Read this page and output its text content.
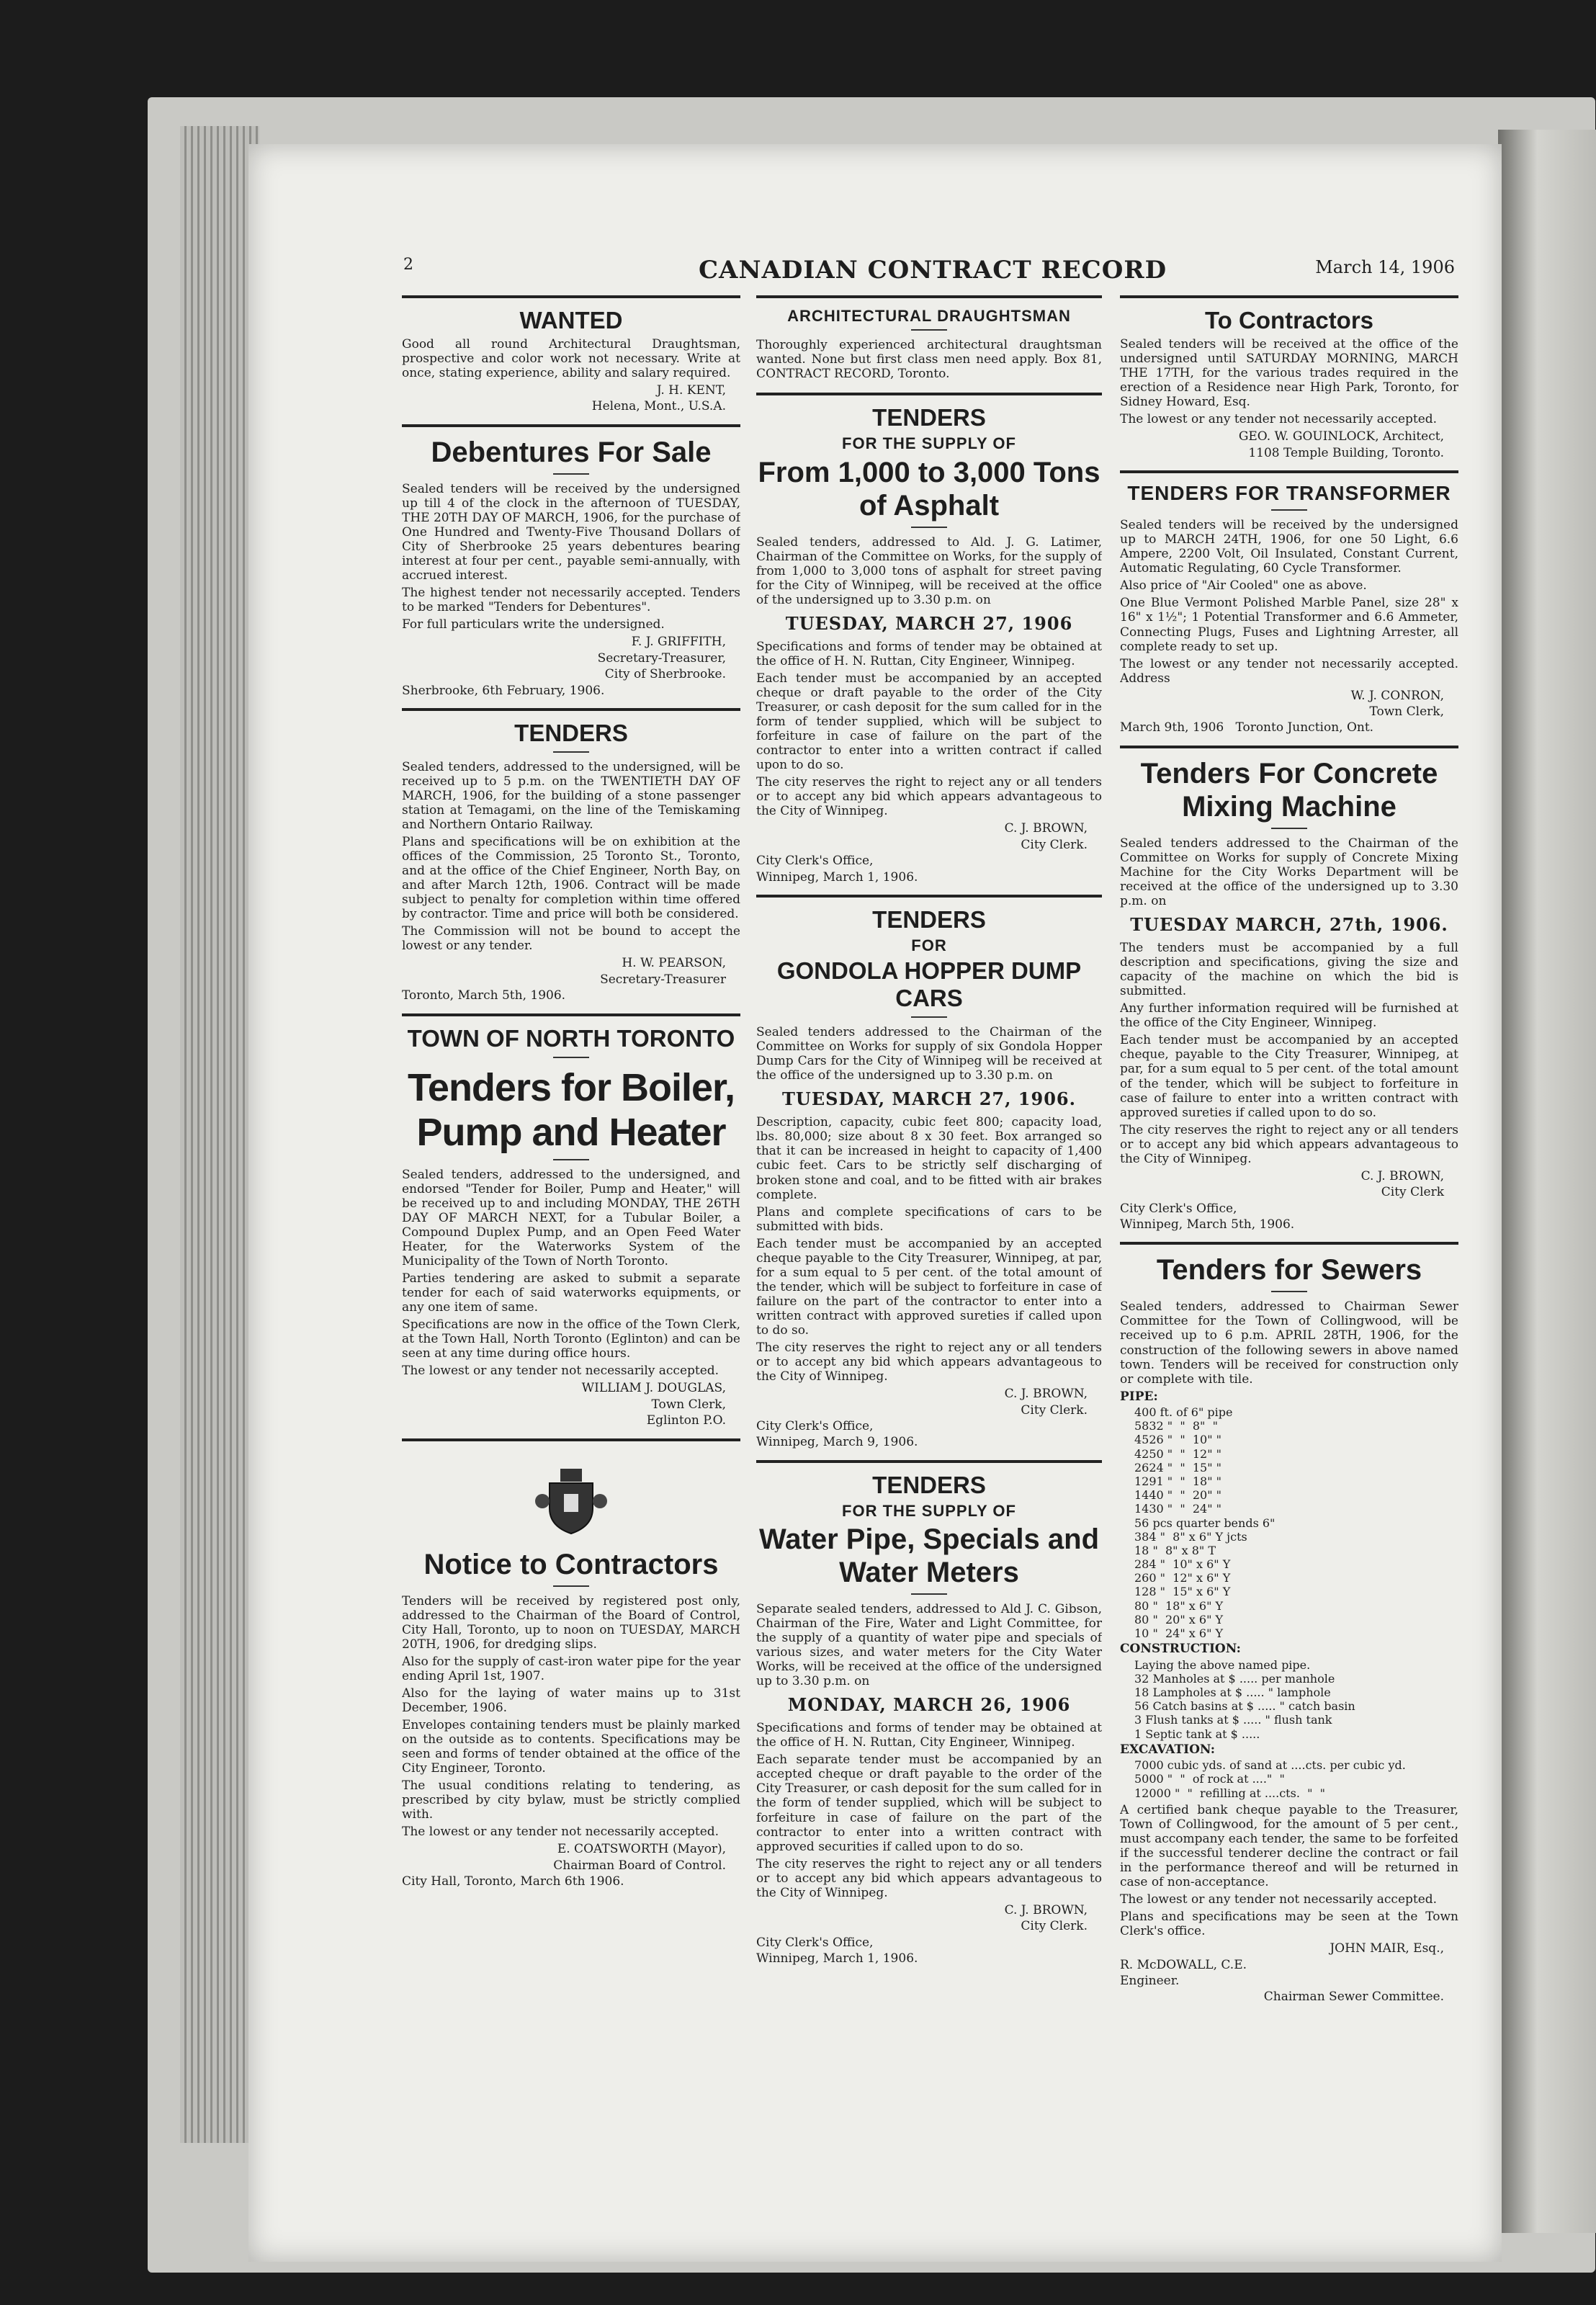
2	CANADIAN CONTRACT RECORD	March 14, 1906
WANTED

Good all round Architectural Draughtsman, prospective and color work not necessary. Write at once, stating experience, ability and salary required.

J. H. KENT,

Helena, Mont., U.S.A.

Debentures For Sale

Sealed tenders will be received by the undersigned up till 4 of the clock in the afternoon of TUESDAY, THE 20TH DAY OF MARCH, 1906, for the purchase of One Hundred and Twenty-Five Thousand Dollars of City of Sherbrooke 25 years debentures bearing interest at four per cent., payable semi-annually, with accrued interest.

The highest tender not necessarily accepted. Tenders to be marked "Tenders for Debentures".

For full particulars write the undersigned.

F. J. GRIFFITH,

Secretary-Treasurer,

City of Sherbrooke.

Sherbrooke, 6th February, 1906.

TENDERS

Sealed tenders, addressed to the undersigned, will be received up to 5 p.m. on the TWENTIETH DAY OF MARCH, 1906, for the building of a stone passenger station at Temagami, on the line of the Temiskaming and Northern Ontario Railway.

Plans and specifications will be on exhibition at the offices of the Commission, 25 Toronto St., Toronto, and at the office of the Chief Engineer, North Bay, on and after March 12th, 1906. Contract will be made subject to penalty for completion within time offered by contractor. Time and price will both be considered.

The Commission will not be bound to accept the lowest or any tender.

H. W. PEARSON,

Secretary-Treasurer

Toronto, March 5th, 1906.

TOWN OF NORTH TORONTO
Tenders for Boiler, Pump and Heater

Sealed tenders, addressed to the undersigned, and endorsed "Tender for Boiler, Pump and Heater," will be received up to and including MONDAY, THE 26TH DAY OF MARCH NEXT, for a Tubular Boiler, a Compound Duplex Pump, and an Open Feed Water Heater, for the Waterworks System of the Municipality of the Town of North Toronto.

Parties tendering are asked to submit a separate tender for each of said waterworks equipments, or any one item of same.

Specifications are now in the office of the Town Clerk, at the Town Hall, North Toronto (Eglinton) and can be seen at any time during office hours.

The lowest or any tender not necessarily accepted.

WILLIAM J. DOUGLAS,

Town Clerk,

Eglinton P.O.

Notice to Contractors

Tenders will be received by registered post only, addressed to the Chairman of the Board of Control, City Hall, Toronto, up to noon on TUESDAY, MARCH 20TH, 1906, for dredging slips.

Also for the supply of cast-iron water pipe for the year ending April 1st, 1907.

Also for the laying of water mains up to 31st December, 1906.

Envelopes containing tenders must be plainly marked on the outside as to contents. Specifications may be seen and forms of tender obtained at the office of the City Engineer, Toronto.

The usual conditions relating to tendering, as prescribed by city bylaw, must be strictly complied with.

The lowest or any tender not necessarily accepted.

E. COATSWORTH (Mayor),

Chairman Board of Control.

City Hall, Toronto, March 6th 1906.

ARCHITECTURAL DRAUGHTSMAN

Thoroughly experienced architectural draughtsman wanted. None but first class men need apply. Box 81, CONTRACT RECORD, Toronto.

TENDERS
FOR THE SUPPLY OF
From 1,000 to 3,000 Tons of Asphalt

Sealed tenders, addressed to Ald. J. G. Latimer, Chairman of the Committee on Works, for the supply of from 1,000 to 3,000 tons of asphalt for street paving for the City of Winnipeg, will be received at the office of the undersigned up to 3.30 p.m. on

TUESDAY, MARCH 27, 1906

Specifications and forms of tender may be obtained at the office of H. N. Ruttan, City Engineer, Winnipeg.

Each tender must be accompanied by an accepted cheque or draft payable to the order of the City Treasurer, or cash deposit for the sum called for in the form of tender supplied, which will be subject to forfeiture in case of failure on the part of the contractor to enter into a written contract if called upon to do so.

The city reserves the right to reject any or all tenders or to accept any bid which appears advantageous to the City of Winnipeg.

C. J. BROWN,

City Clerk.

City Clerk's Office,

Winnipeg, March 1, 1906.

TENDERS
FOR
GONDOLA HOPPER DUMP CARS

Sealed tenders addressed to the Chairman of the Committee on Works for supply of six Gondola Hopper Dump Cars for the City of Winnipeg will be received at the office of the undersigned up to 3.30 p.m. on

TUESDAY, MARCH 27, 1906.

Description, capacity, cubic feet 800; capacity load, lbs. 80,000; size about 8 x 30 feet. Box arranged so that it can be increased in height to capacity of 1,400 cubic feet. Cars to be strictly self discharging of broken stone and coal, and to be fitted with air brakes complete.

Plans and complete specifications of cars to be submitted with bids.

Each tender must be accompanied by an accepted cheque payable to the City Treasurer, Winnipeg, at par, for a sum equal to 5 per cent. of the total amount of the tender, which will be subject to forfeiture in case of failure on the part of the contractor to enter into a written contract with approved sureties if called upon to do so.

The city reserves the right to reject any or all tenders or to accept any bid which appears advantageous to the City of Winnipeg.

C. J. BROWN,

City Clerk.

City Clerk's Office,

Winnipeg, March 9, 1906.

TENDERS
FOR THE SUPPLY OF
Water Pipe, Specials and Water Meters

Separate sealed tenders, addressed to Ald J. C. Gibson, Chairman of the Fire, Water and Light Committee, for the supply of a quantity of water pipe and specials of various sizes, and water meters for the City Water Works, will be received at the office of the undersigned up to 3.30 p.m. on

MONDAY, MARCH 26, 1906

Specifications and forms of tender may be obtained at the office of H. N. Ruttan, City Engineer, Winnipeg.

Each separate tender must be accompanied by an accepted cheque or draft payable to the order of the City Treasurer, or cash deposit for the sum called for in the form of tender supplied, which will be subject to forfeiture in case of failure on the part of the contractor to enter into a written contract with approved securities if called upon to do so.

The city reserves the right to reject any or all tenders or to accept any bid which appears advantageous to the City of Winnipeg.

C. J. BROWN,

City Clerk.

City Clerk's Office,

Winnipeg, March 1, 1906.

To Contractors

Sealed tenders will be received at the office of the undersigned until SATURDAY MORNING, MARCH THE 17TH, for the various trades required in the erection of a Residence near High Park, Toronto, for Sidney Howard, Esq.

The lowest or any tender not necessarily accepted.

GEO. W. GOUINLOCK, Architect,

1108 Temple Building, Toronto.

TENDERS FOR TRANSFORMER

Sealed tenders will be received by the undersigned up to MARCH 24TH, 1906, for one 50 Light, 6.6 Ampere, 2200 Volt, Oil Insulated, Constant Current, Automatic Regulating, 60 Cycle Transformer.

Also price of "Air Cooled" one as above.

One Blue Vermont Polished Marble Panel, size 28" x 16" x 1½"; 1 Potential Transformer and 6.6 Ammeter, Connecting Plugs, Fuses and Lightning Arrester, all complete ready to set up.

The lowest or any tender not necessarily accepted. Address

W. J. CONRON,

Town Clerk,

March 9th, 1906 Toronto Junction, Ont.

Tenders For Concrete Mixing Machine

Sealed tenders addressed to the Chairman of the Committee on Works for supply of Concrete Mixing Machine for the City Works Department will be received at the office of the undersigned up to 3.30 p.m. on

TUESDAY MARCH, 27th, 1906.

The tenders must be accompanied by a full description and specifications, giving the size and capacity of the machine on which the bid is submitted.

Any further information required will be furnished at the office of the City Engineer, Winnipeg.

Each tender must be accompanied by an accepted cheque, payable to the City Treasurer, Winnipeg, at par, for a sum equal to 5 per cent. of the total amount of the tender, which will be subject to forfeiture in case of failure to enter into a written contract with approved sureties if called upon to do so.

The city reserves the right to reject any or all tenders or to accept any bid which appears advantageous to the City of Winnipeg.

C. J. BROWN,

City Clerk

City Clerk's Office,

Winnipeg, March 5th, 1906.

Tenders for Sewers

Sealed tenders, addressed to Chairman Sewer Committee for the Town of Collingwood, will be received up to 6 p.m. APRIL 28TH, 1906, for the construction of the following sewers in above named town. Tenders will be received for construction only or complete with tile.

PIPE:

400 ft. of 6" pipe
5832 "  "  8"  "
4526 "  "  10" "
4250 "  "  12" "
2624 "  "  15" "
1291 "  "  18" "
1440 "  "  20" "
1430 "  "  24" "
56 pcs quarter bends 6"
384 "  8" x 6" Y jcts
18 "  8" x 8" T
284 "  10" x 6" Y
260 "  12" x 6" Y
128 "  15" x 6" Y
80 "  18" x 6" Y
80 "  20" x 6" Y
10 "  24" x 6" Y

CONSTRUCTION:

Laying the above named pipe.
32 Manholes at $ ..... per manhole
18 Lampholes at $ ..... " lamphole
56 Catch basins at $ ..... " catch basin
3 Flush tanks at $ ..... " flush tank
1 Septic tank at $ .....

EXCAVATION:

7000 cubic yds. of sand at ....cts. per cubic yd.
5000 "  "  of rock at ...."  "
12000 "  "  refilling at ....cts.  "  "

A certified bank cheque payable to the Treasurer, Town of Collingwood, for the amount of 5 per cent., must accompany each tender, the same to be forfeited if the successful tenderer decline the contract or fail in the performance thereof and will be returned in case of non-acceptance.

The lowest or any tender not necessarily accepted.

Plans and specifications may be seen at the Town Clerk's office.

JOHN MAIR, Esq.,

R. McDOWALL, C.E.

Engineer.

Chairman Sewer Committee.
